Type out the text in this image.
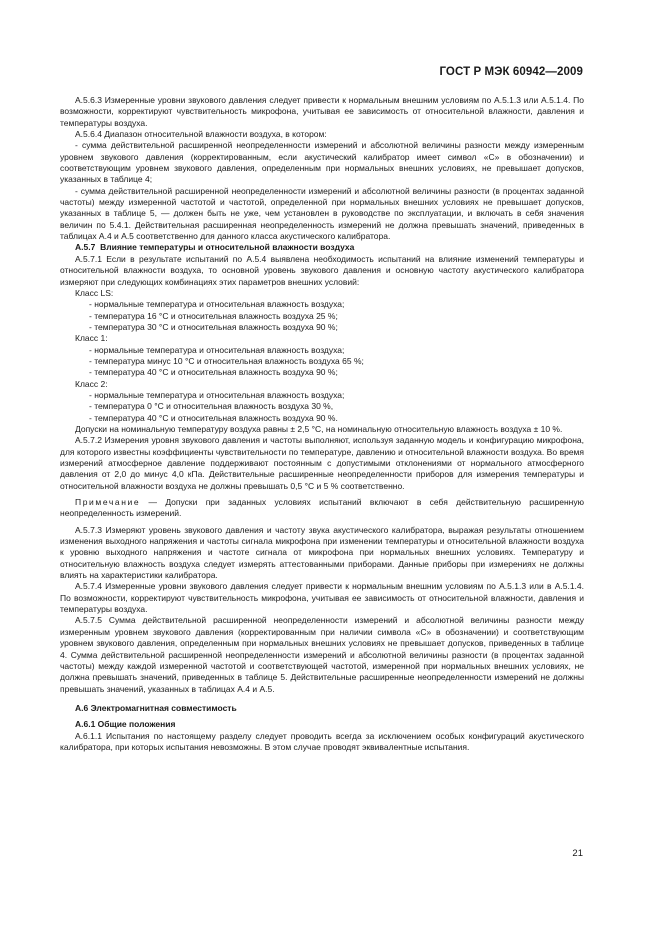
ГОСТ Р МЭК 60942—2009

А.5.6.3 Измеренные уровни звукового давления следует привести к нормальным внешним условиям по А.5.1.3 или А.5.1.4. По возможности, корректируют чувствительность микрофона, учитывая ее зависимость от относительной влажности, давления и температуры воздуха.

А.5.6.4 Диапазон относительной влажности воздуха, в котором:

- сумма действительной расширенной неопределенности измерений и абсолютной величины разности между измеренным уровнем звукового давления (корректированным, если акустический калибратор имеет символ «С» в обозначении) и соответствующим уровнем звукового давления, определенным при нормальных внешних условиях, не превышает допусков, указанных в таблице 4;

- сумма действительной расширенной неопределенности измерений и абсолютной величины разности (в процентах заданной частоты) между измеренной частотой и частотой, определенной при нормальных внешних условиях не превышает допусков, указанных в таблице 5, — должен быть не уже, чем установлен в руководстве по эксплуатации, и включать в себя значения величин по 5.4.1. Действительная расширенная неопределенность измерений не должна превышать значений, приведенных в таблицах А.4 и А.5 соответственно для данного класса акустического калибратора.

А.5.7 Влияние температуры и относительной влажности воздуха

А.5.7.1 Если в результате испытаний по А.5.4 выявлена необходимость испытаний на влияние изменений температуры и относительной влажности воздуха, то основной уровень звукового давления и основную частоту акустического калибратора измеряют при следующих комбинациях этих параметров внешних условий:

Класс LS:

- нормальные температура и относительная влажность воздуха;

- температура 16 °С и относительная влажность воздуха 25 %;

- температура 30 °С и относительная влажность воздуха 90 %;

Класс 1:

- нормальные температура и относительная влажность воздуха;

- температура минус 10 °С и относительная влажность воздуха 65 %;

- температура 40 °С и относительная влажность воздуха 90 %;

Класс 2:

- нормальные температура и относительная влажность воздуха;

- температура 0 °С и относительная влажность воздуха 30 %,

- температура 40 °С и относительная влажность воздуха 90 %.

Допуски на номинальную температуру воздуха равны ± 2,5 °С, на номинальную относительную влажность воздуха ± 10 %.

А.5.7.2 Измерения уровня звукового давления и частоты выполняют, используя заданную модель и конфигурацию микрофона, для которого известны коэффициенты чувствительности по температуре, давлению и относительной влажности воздуха. Во время измерений атмосферное давление поддерживают постоянным с допустимыми отклонениями от нормального атмосферного давления от 2,0 до минус 4,0 кПа. Действительные расширенные неопределенности приборов для измерения температуры и относительной влажности воздуха не должны превышать 0,5 °С и 5 % соответственно.

Примечание — Допуски при заданных условиях испытаний включают в себя действительную расширенную неопределенность измерений.

А.5.7.3 Измеряют уровень звукового давления и частоту звука акустического калибратора, выражая результаты отношением изменения выходного напряжения и частоты сигнала микрофона при изменении температуры и относительной влажности воздуха к уровню выходного напряжения и частоте сигнала от микрофона при нормальных внешних условиях. Температуру и относительную влажность воздуха следует измерять аттестованными приборами. Данные приборы при измерениях не должны влиять на характеристики калибратора.

А.5.7.4 Измеренные уровни звукового давления следует привести к нормальным внешним условиям по А.5.1.3 или в А.5.1.4. По возможности, корректируют чувствительность микрофона, учитывая ее зависимость от относительной влажности, давления и температуры воздуха.

А.5.7.5 Сумма действительной расширенной неопределенности измерений и абсолютной величины разности между измеренным уровнем звукового давления (корректированным при наличии символа «С» в обозначении) и соответствующим уровнем звукового давления, определенным при нормальных внешних условиях не превышает допусков, приведенных в таблице 4. Сумма действительной расширенной неопределенности измерений и абсолютной величины разности (в процентах заданной частоты) между каждой измеренной частотой и соответствующей частотой, измеренной при нормальных внешних условиях, не должна превышать значений, приведенных в таблице 5. Действительные расширенные неопределенности измерений не должны превышать значений, указанных в таблицах А.4 и А.5.

А.6 Электромагнитная совместимость

А.6.1 Общие положения

А.6.1.1 Испытания по настоящему разделу следует проводить всегда за исключением особых конфигураций акустического калибратора, при которых испытания невозможны. В этом случае проводят эквивалентные испытания.

21
